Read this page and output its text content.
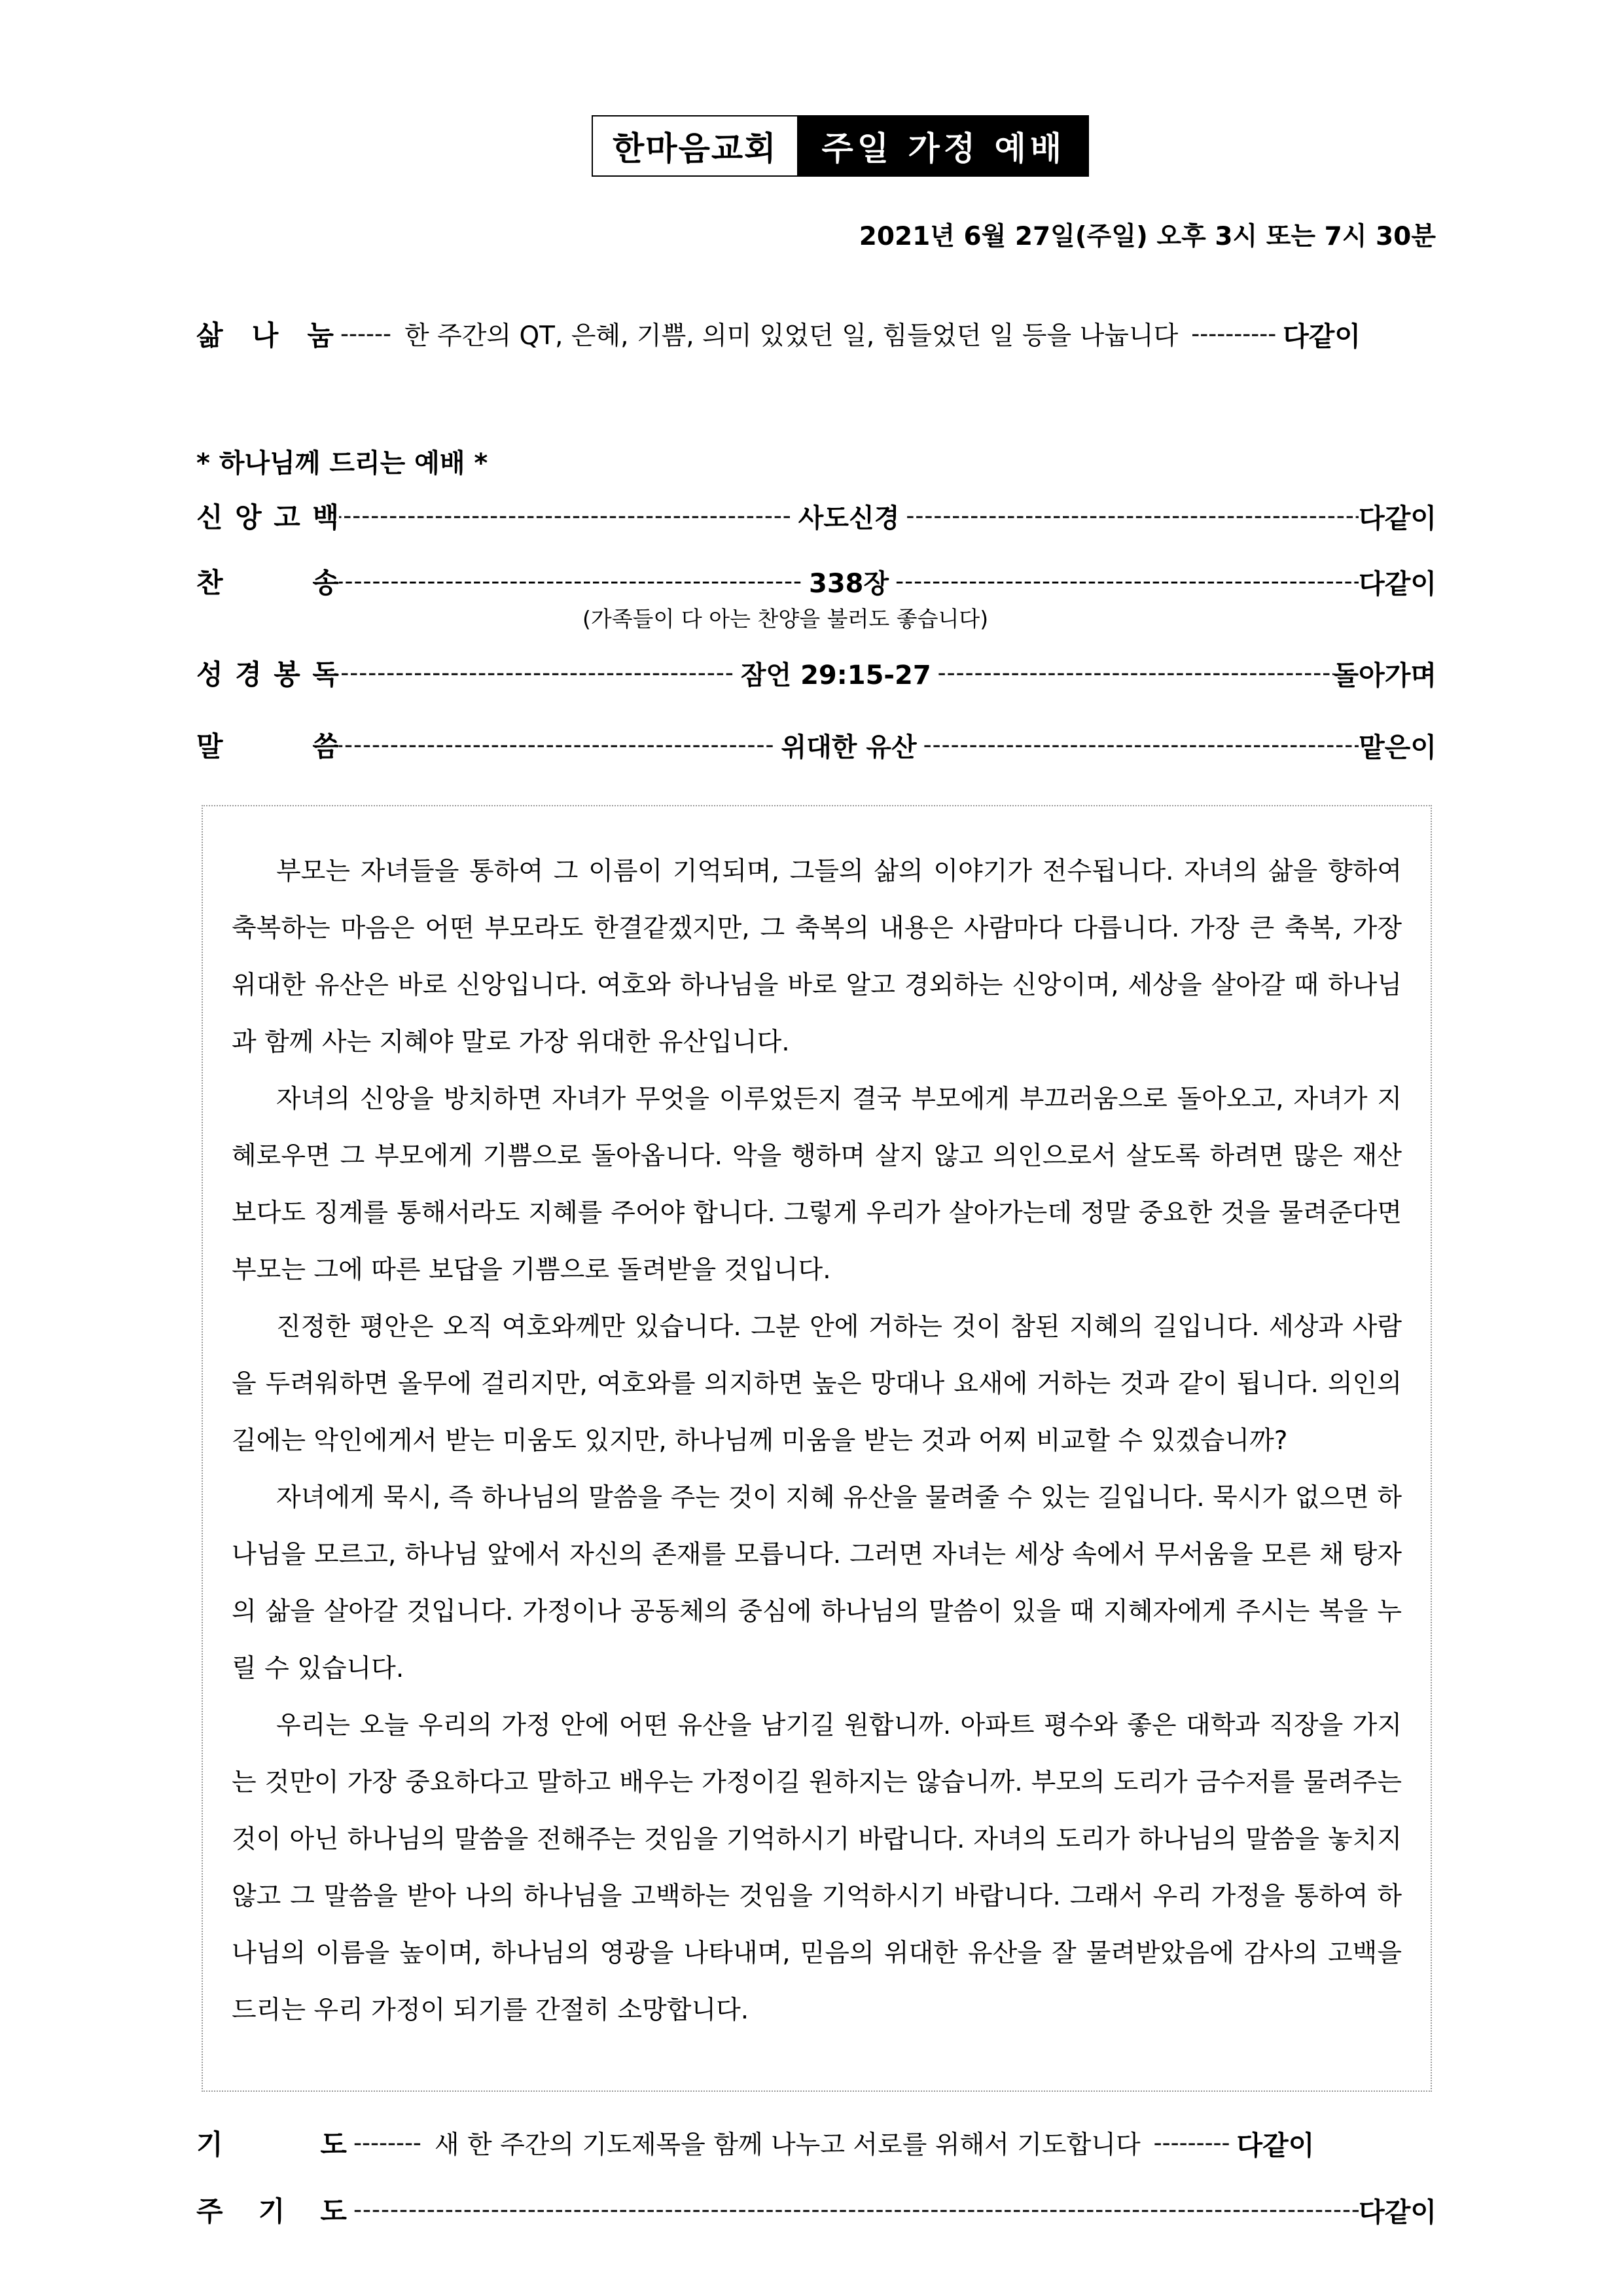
한마음교회	주일 가정 예배
2021년 6월 27일(주일) 오후 3시 또는 7시 30분
삶 나 눔 ------ 한 주간의 QT, 은혜, 기쁨, 의미 있었던 일, 힘들었던 일 등을 나눕니다 ---------- 다같이
* 하나님께 드리는 예배 *
신 앙 고 백 -----	사도신경 -----	다같이
찬	송 -----	338장 -----	다같이
(가족들이 다 아는 찬양을 불러도 좋습니다)
성 경 봉 독 -----	잠언 29:15-27 -----	돌아가며
말	씀 -----	위대한 유산 -----	맡은이

부모는 자녀들을 통하여 그 이름이 기억되며, 그들의 삶의 이야기가 전수됩니다. 자녀의 삶을 향하여 축복하는 마음은 어떤 부모라도 한결같겠지만, 그 축복의 내용은 사람마다 다릅니다. 가장 큰 축복, 가장 위대한 유산은 바로 신앙입니다. 여호와 하나님을 바로 알고 경외하는 신앙이며, 세상을 살아갈 때 하나님과 함께 사는 지혜야 말로 가장 위대한 유산입니다.

자녀의 신앙을 방치하면 자녀가 무엇을 이루었든지 결국 부모에게 부끄러움으로 돌아오고, 자녀가 지혜로우면 그 부모에게 기쁨으로 돌아옵니다. 악을 행하며 살지 않고 의인으로서 살도록 하려면 많은 재산보다도 징계를 통해서라도 지혜를 주어야 합니다. 그렇게 우리가 살아가는데 정말 중요한 것을 물려준다면 부모는 그에 따른 보답을 기쁨으로 돌려받을 것입니다.

진정한 평안은 오직 여호와께만 있습니다. 그분 안에 거하는 것이 참된 지혜의 길입니다. 세상과 사람을 두려워하면 올무에 걸리지만, 여호와를 의지하면 높은 망대나 요새에 거하는 것과 같이 됩니다. 의인의 길에는 악인에게서 받는 미움도 있지만, 하나님께 미움을 받는 것과 어찌 비교할 수 있겠습니까?

자녀에게 묵시, 즉 하나님의 말씀을 주는 것이 지혜 유산을 물려줄 수 있는 길입니다. 묵시가 없으면 하나님을 모르고, 하나님 앞에서 자신의 존재를 모릅니다. 그러면 자녀는 세상 속에서 무서움을 모른 채 탕자의 삶을 살아갈 것입니다. 가정이나 공동체의 중심에 하나님의 말씀이 있을 때 지혜자에게 주시는 복을 누릴 수 있습니다.

우리는 오늘 우리의 가정 안에 어떤 유산을 남기길 원합니까. 아파트 평수와 좋은 대학과 직장을 가지는 것만이 가장 중요하다고 말하고 배우는 가정이길 원하지는 않습니까. 부모의 도리가 금수저를 물려주는 것이 아닌 하나님의 말씀을 전해주는 것임을 기억하시기 바랍니다. 자녀의 도리가 하나님의 말씀을 놓치지 않고 그 말씀을 받아 나의 하나님을 고백하는 것임을 기억하시기 바랍니다. 그래서 우리 가정을 통하여 하나님의 이름을 높이며, 하나님의 영광을 나타내며, 믿음의 위대한 유산을 잘 물려받았음에 감사의 고백을 드리는 우리 가정이 되기를 간절히 소망합니다.

기	도 -------- 새 한 주간의 기도제목을 함께 나누고 서로를 위해서 기도합니다 --------- 다같이
주 기 도 -----	다같이
